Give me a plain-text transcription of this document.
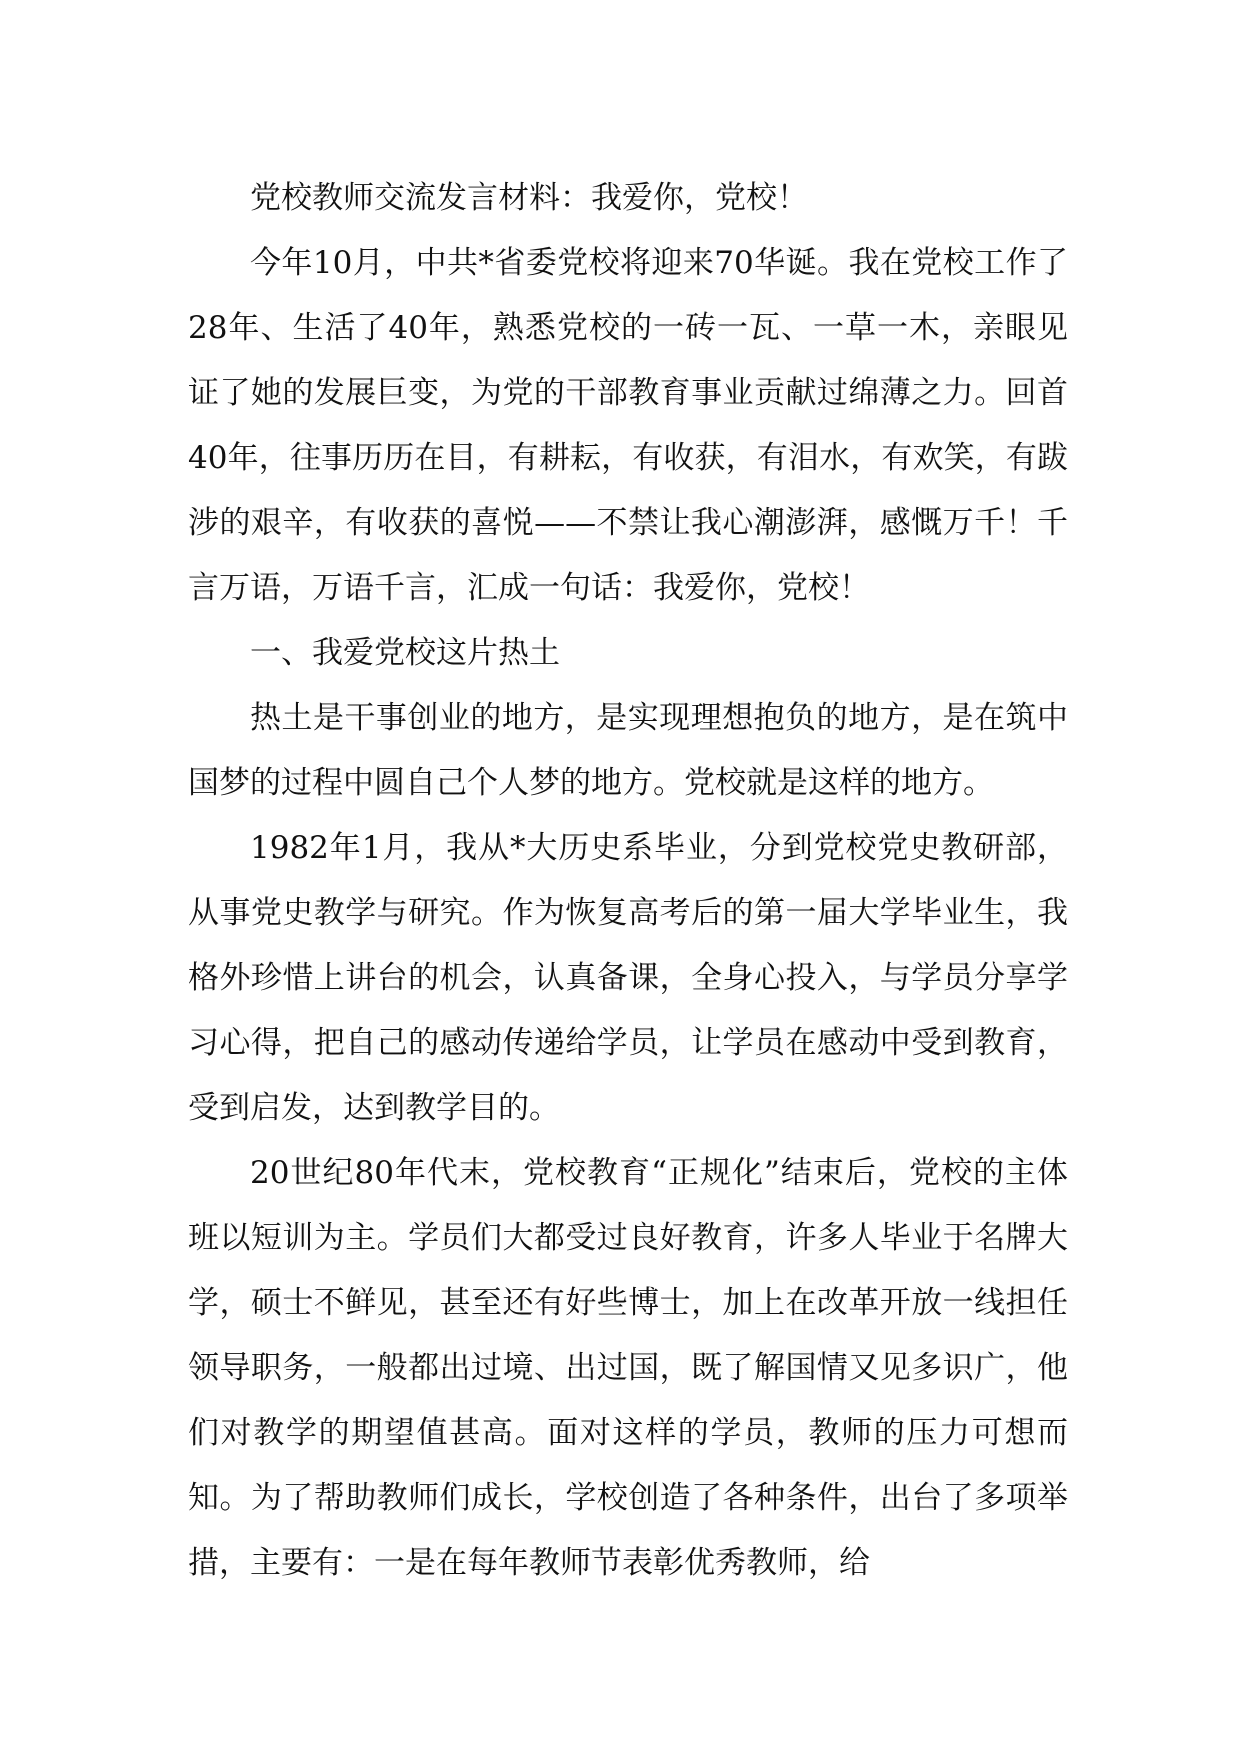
党校教师交流发言材料：我爱你，党校！

今年10月，中共*省委党校将迎来70华诞。我在党校工作了28年、生活了40年，熟悉党校的一砖一瓦、一草一木，亲眼见证了她的发展巨变，为党的干部教育事业贡献过绵薄之力。回首40年，往事历历在目，有耕耘，有收获，有泪水，有欢笑，有跋涉的艰辛，有收获的喜悦——不禁让我心潮澎湃，感慨万千！千言万语，万语千言，汇成一句话：我爱你，党校！

一、我爱党校这片热土

热土是干事创业的地方，是实现理想抱负的地方，是在筑中国梦的过程中圆自己个人梦的地方。党校就是这样的地方。

1982年1月，我从*大历史系毕业，分到党校党史教研部，从事党史教学与研究。作为恢复高考后的第一届大学毕业生，我格外珍惜上讲台的机会，认真备课，全身心投入，与学员分享学习心得，把自己的感动传递给学员，让学员在感动中受到教育，受到启发，达到教学目的。

20世纪80年代末，党校教育“正规化”结束后，党校的主体班以短训为主。学员们大都受过良好教育，许多人毕业于名牌大学，硕士不鲜见，甚至还有好些博士，加上在改革开放一线担任领导职务，一般都出过境、出过国，既了解国情又见多识广，他们对教学的期望值甚高。面对这样的学员，教师的压力可想而知。为了帮助教师们成长，学校创造了各种条件，出台了多项举措，主要有：一是在每年教师节表彰优秀教师，给
